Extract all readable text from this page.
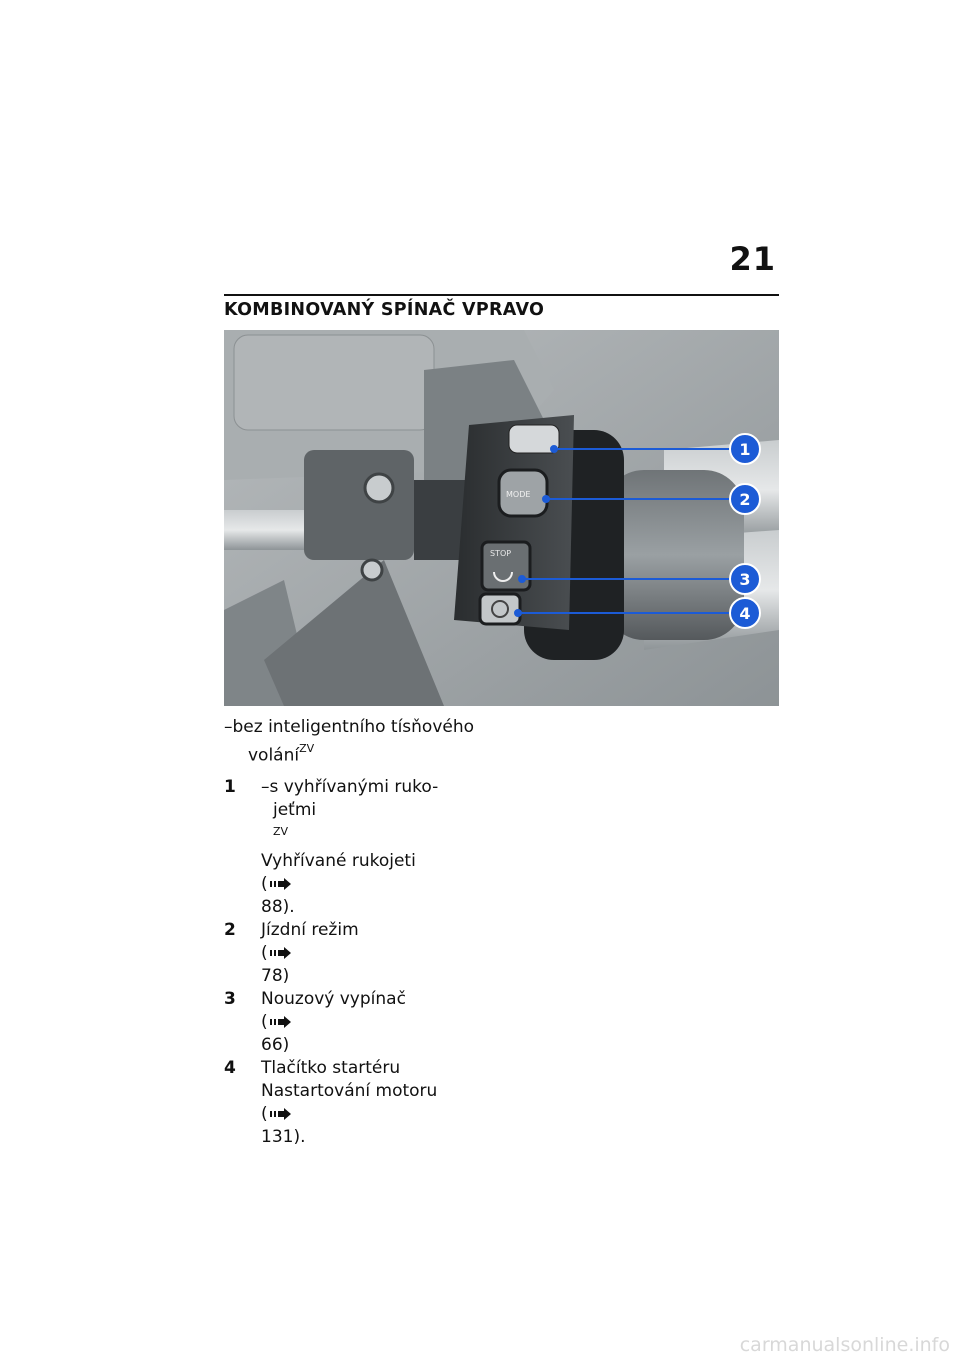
21
KOMBINOVANÝ SPÍNAČ VPRAVO
MODE
STOP
1
2
3
4
–bez inteligentního tísňového
volání$^{ZV}$
1	–s vyhřívanými ruko-
jeťmi
$^{ZV}$
Vyhřívané rukojeti
(
88).
2	Jízdní režim
(
78)
3	Nouzový vypínač
(
66)
4	Tlačítko startéru
Nastartování motoru
(
131).
carmanualsonline.info
